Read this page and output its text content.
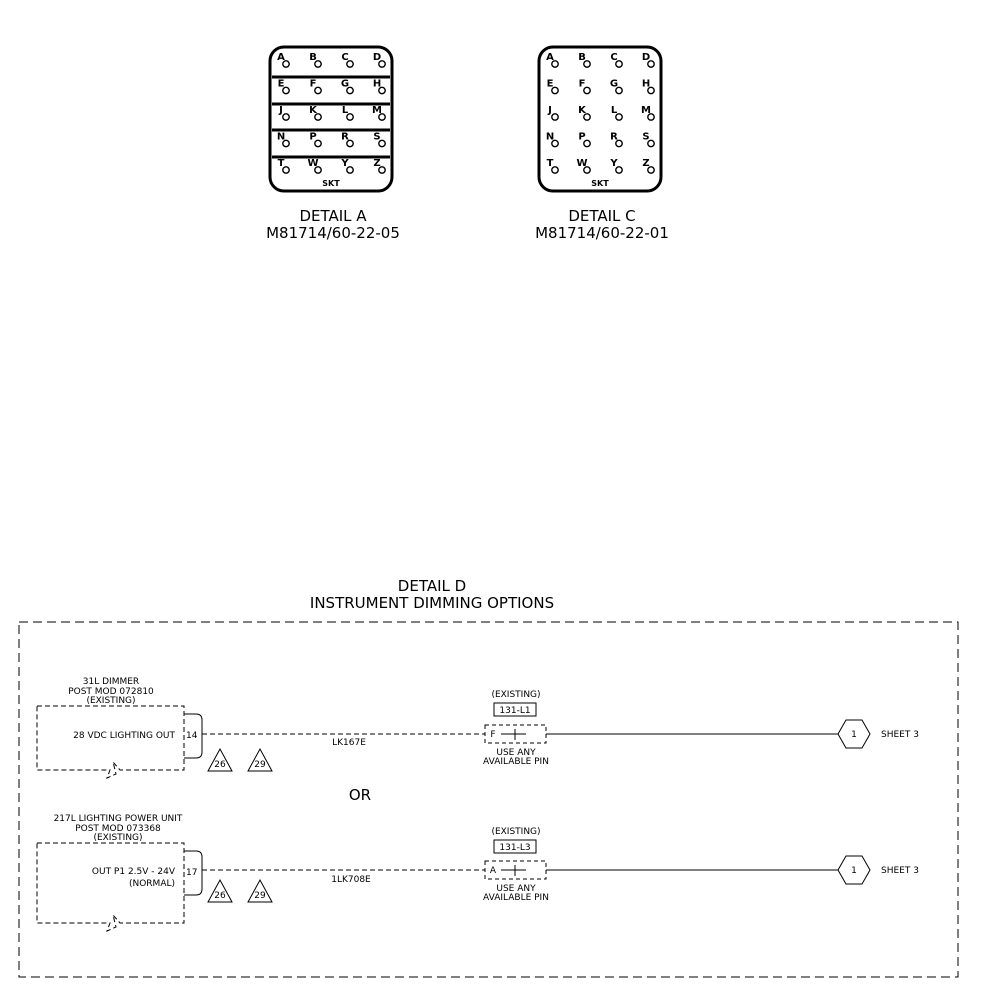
A B C D
E	F G H
J	K L M
N P R S
T W Y Z
SKT
DETAIL A
M81714/60-22-05
A B C D
E	F G H
J	K L M
N P R S
T W Y Z
SKT
DETAIL C
M81714/60-22-01
DETAIL D
INSTRUMENT DIMMING OPTIONS
31L DIMMER
POST MOD 072810
(EXISTING)
28 VDC LIGHTING OUT 14
26	29
LK167E
(EXISTING)
131-L1
F
USE ANY
AVAILABLE PIN
1	SHEET 3
OR
217L LIGHTING POWER UNIT
POST MOD 073368
(EXISTING)
OUT P1 2.5V - 24V
(NORMAL)
17
26	29
1LK708E
(EXISTING)
131-L3
A
USE ANY
AVAILABLE PIN
1	SHEET 3
